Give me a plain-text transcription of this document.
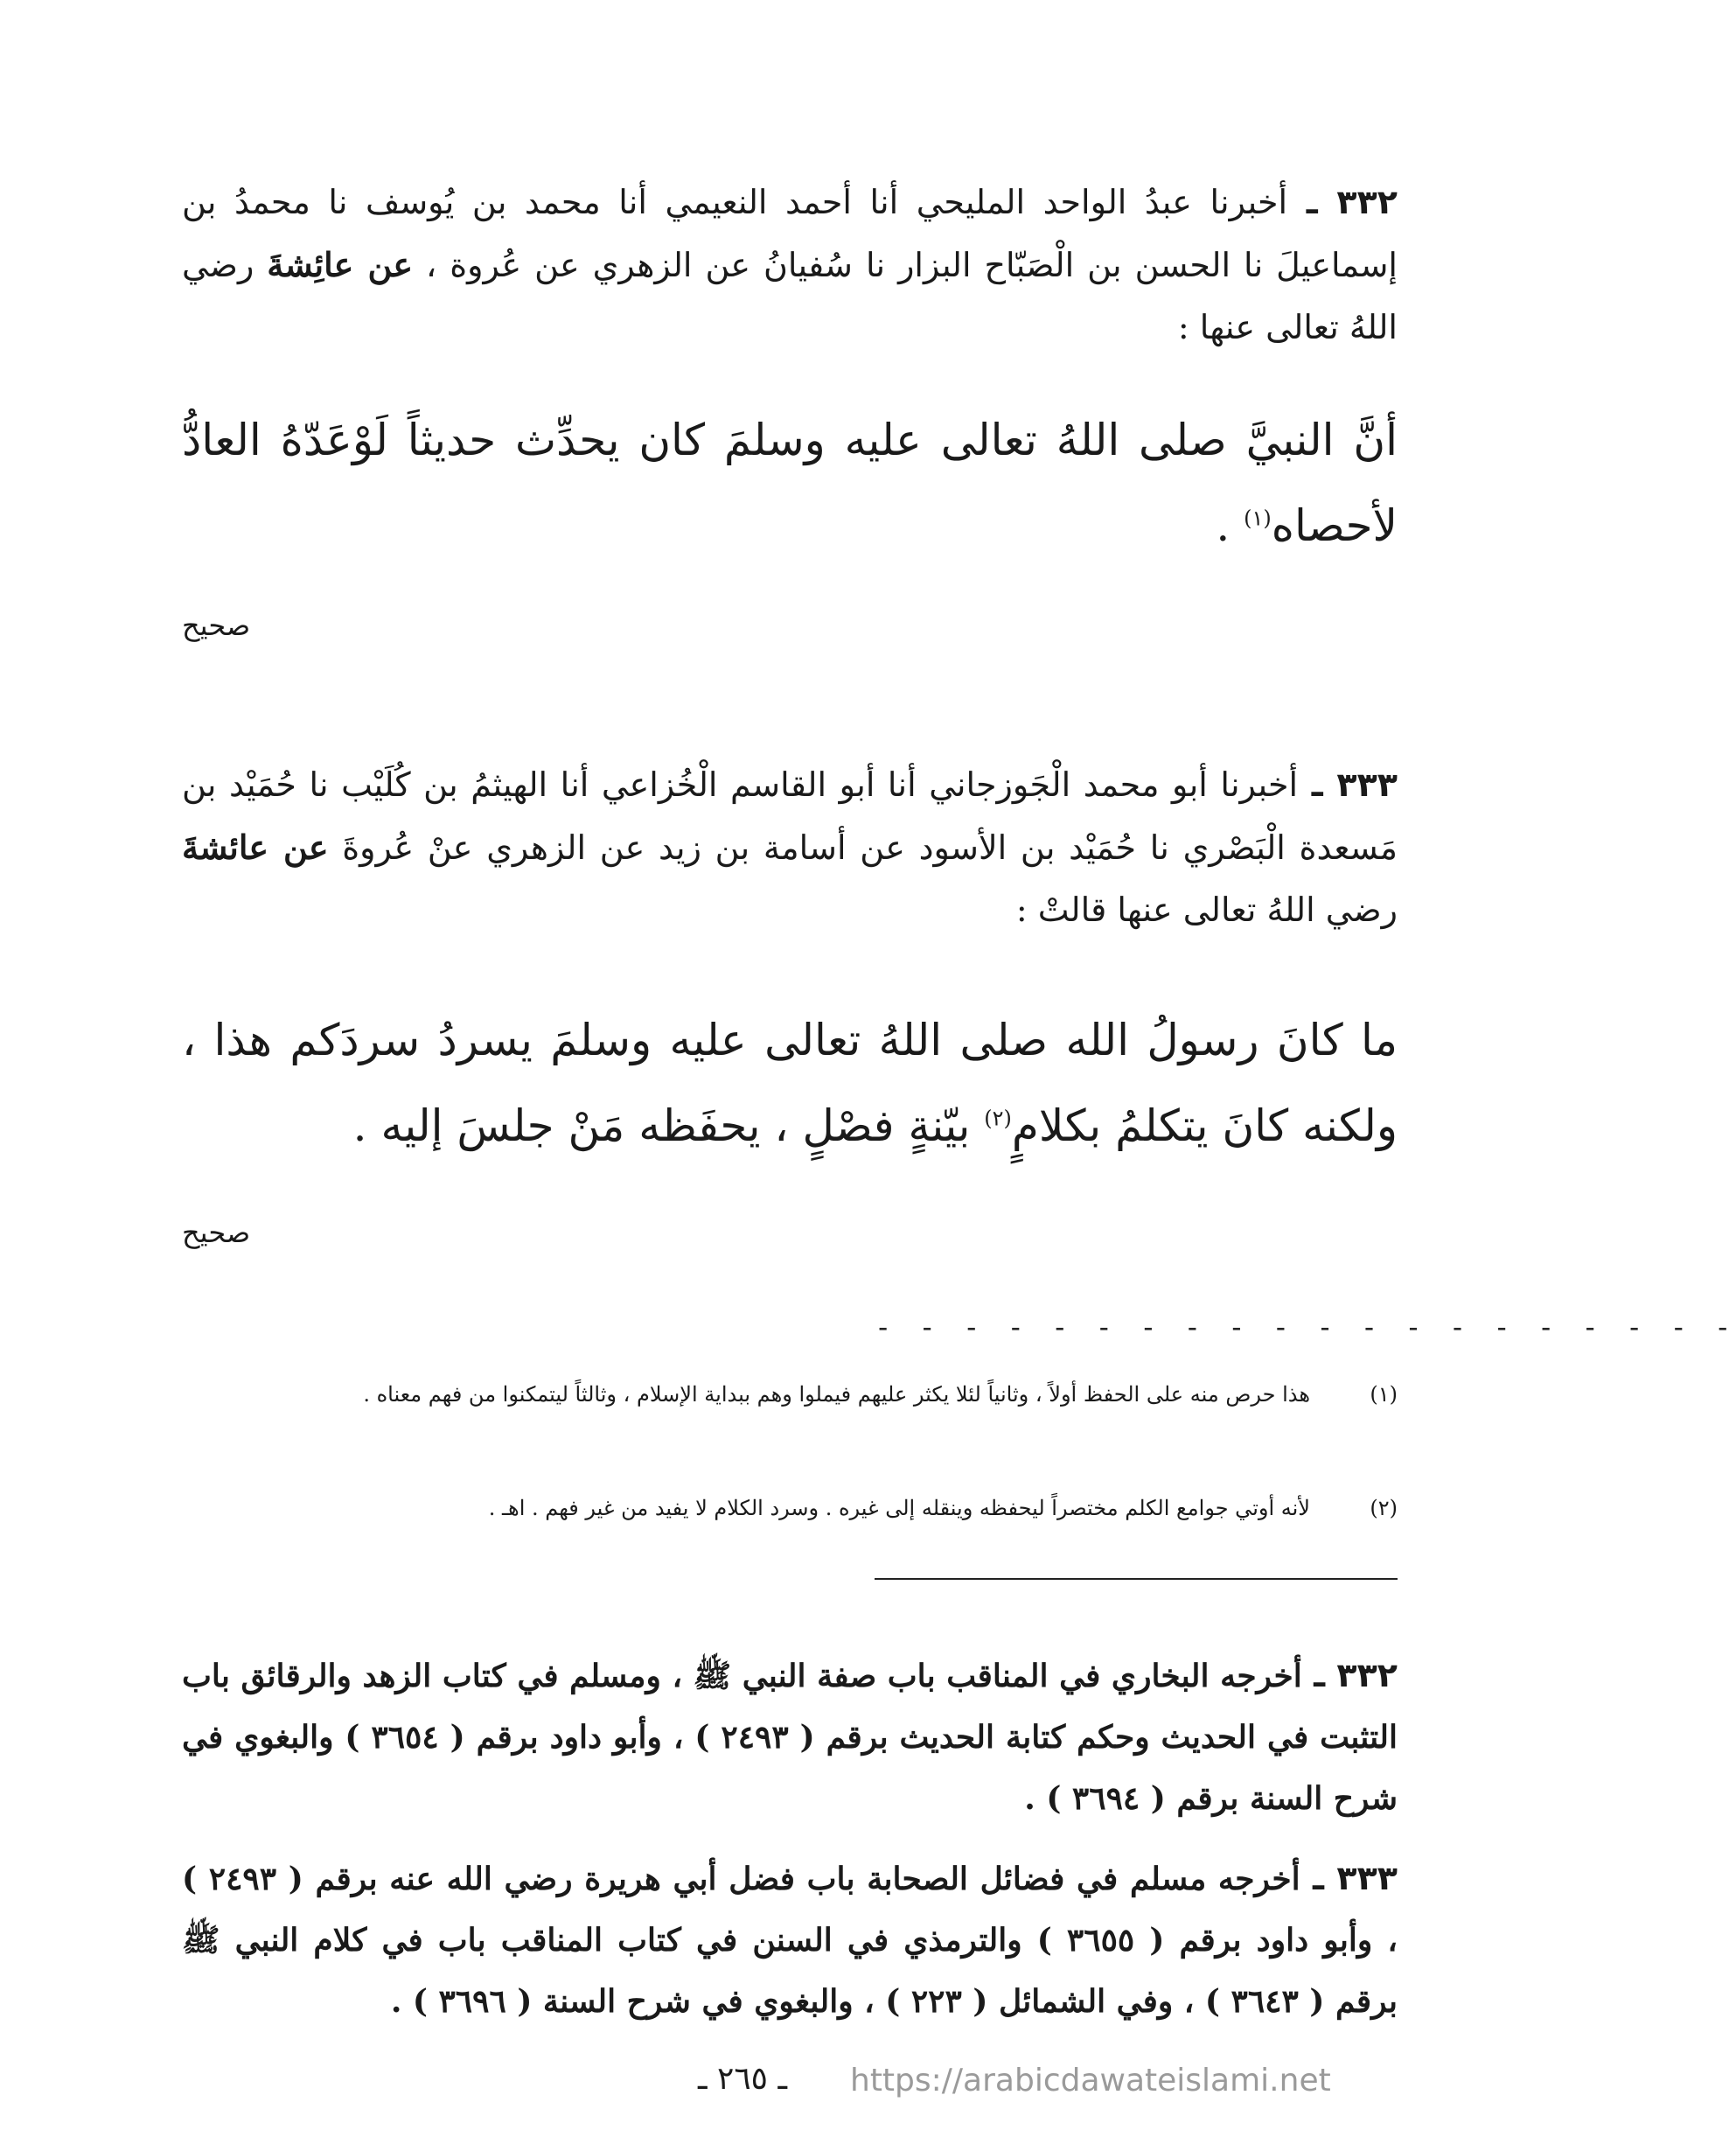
٣٣٢ ـ أخبرنا عبدُ الواحد المليحي أنا أحمد النعيمي أنا محمد بن يُوسف نا محمدُ بن إسماعيلَ نا الحسن بن الْصَبّاح البزار نا سُفيانُ عن الزهري عن عُروة ، عن عائِشةَ رضي اللهُ تعالى عنها :
أنَّ النبيَّ صلى اللهُ تعالى عليه وسلمَ كان يحدِّث حديثاً لَوْعَدّهُ العادُّ لأحصاه$^{(١)}$ .
صحيح
٣٣٣ ـ أخبرنا أبو محمد الْجَوزجاني أنا أبو القاسم الْخُزاعي أنا الهيثمُ بن كُلَيْب نا حُمَيْد بن مَسعدة الْبَصْري نا حُمَيْد بن الأسود عن أسامة بن زيد عن الزهري عنْ عُروةَ عن عائشةَ رضي اللهُ تعالى عنها قالتْ :
ما كانَ رسولُ الله صلى اللهُ تعالى عليه وسلمَ يسردُ سردَكم هذا ، ولكنه كانَ يتكلمُ بكلامٍ$^{(٢)}$ بيّنةٍ فصْلٍ ، يحفَظه مَنْ جلسَ إليه .
صحيح
- - - - - - - - - - - - - - - - - - - -
(١)
هذا حرص منه على الحفظ أولاً ، وثانياً لئلا يكثر عليهم فيملوا وهم ببداية الإسلام ، وثالثاً ليتمكنوا من فهم معناه .
(٢)
لأنه أوتي جوامع الكلم مختصراً ليحفظه وينقله إلى غيره . وسرد الكلام لا يفيد من غير فهم . اهـ .
٣٣٢ ـ أخرجه البخاري في المناقب باب صفة النبي ﷺ ، ومسلم في كتاب الزهد والرقائق باب التثبت في الحديث وحكم كتابة الحديث برقم ( ٢٤٩٣ ) ، وأبو داود برقم ( ٣٦٥٤ ) والبغوي في شرح السنة برقم ( ٣٦٩٤ ) .
٣٣٣ ـ أخرجه مسلم في فضائل الصحابة باب فضل أبي هريرة رضي الله عنه برقم ( ٢٤٩٣ ) ، وأبو داود برقم ( ٣٦٥٥ ) والترمذي في السنن في كتاب المناقب باب في كلام النبي ﷺ برقم ( ٣٦٤٣ ) ، وفي الشمائل ( ٢٢٣ ) ، والبغوي في شرح السنة ( ٣٦٩٦ ) .
ـ ٢٦٥ ـ	https://arabicdawateislami.net
